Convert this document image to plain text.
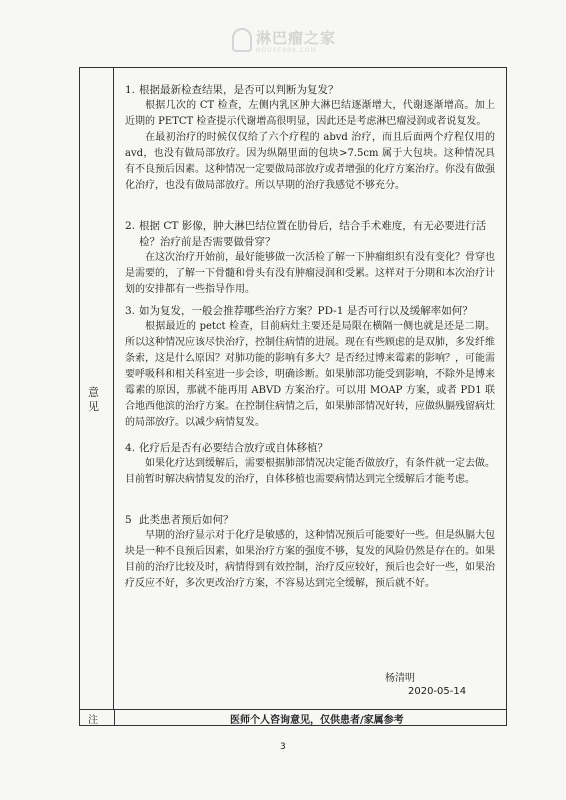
淋巴瘤之家
HOUSE999.COM
意见

1. 根据最新检查结果，是否可以判断为复发？

根据几次的 CT 检查，左侧内乳区肿大淋巴结逐渐增大，代谢逐渐增高。加上近期的 PETCT 检查提示代谢增高很明显，因此还是考虑淋巴瘤浸润或者说复发。

在最初治疗的时候仅仅给了六个疗程的 abvd 治疗，而且后面两个疗程仅用的 avd，也没有做局部放疗。因为纵隔里面的包块>7.5cm 属于大包块。这种情况具有不良预后因素。这种情况一定要做局部放疗或者增强的化疗方案治疗。你没有做强化治疗，也没有做局部放疗。所以早期的治疗我感觉不够充分。

2. 根据 CT 影像，肿大淋巴结位置在肋骨后，结合手术难度，有无必要进行活检？治疗前是否需要做骨穿？

在这次治疗开始前，最好能够做一次活检了解一下肿瘤组织有没有变化？骨穿也是需要的，了解一下骨髓和骨头有没有肿瘤浸润和受累。这样对于分期和本次治疗计划的安排都有一些指导作用。

3. 如为复发，一般会推荐哪些治疗方案？PD-1 是否可行以及缓解率如何？

根据最近的 petct 检查，目前病灶主要还是局限在横隔一侧也就是还是二期。所以这种情况应该尽快治疗，控制住病情的进展。现在有些顾虑的是双肺，多发纤维条索，这是什么原因？对肺功能的影响有多大？是否经过博来霉素的影响？，可能需要呼吸科和相关科室进一步会诊，明确诊断。如果肺部功能受到影响，不除外是博来霉素的原因，那就不能再用 ABVD 方案治疗。可以用 MOAP 方案，或者 PD1 联合地西他滨的治疗方案。在控制住病情之后，如果肺部情况好转，应做纵膈残留病灶的局部放疗。以减少病情复发。

4. 化疗后是否有必要结合放疗或自体移植？

如果化疗达到缓解后，需要根据肺部情况决定能否做放疗，有条件就一定去做。目前暂时解决病情复发的治疗，自体移植也需要病情达到完全缓解后才能考虑。

5 此类患者预后如何？

早期的治疗显示对于化疗是敏感的，这种情况预后可能要好一些。但是纵膈大包块是一种不良预后因素，如果治疗方案的强度不够，复发的风险仍然是存在的。如果目前的治疗比较及时，病情得到有效控制，治疗反应较好，预后也会好一些，如果治疗反应不好，多次更改治疗方案，不容易达到完全缓解，预后就不好。

杨清明
2020-05-14
注	医师个人咨询意见，仅供患者/家属参考
3
